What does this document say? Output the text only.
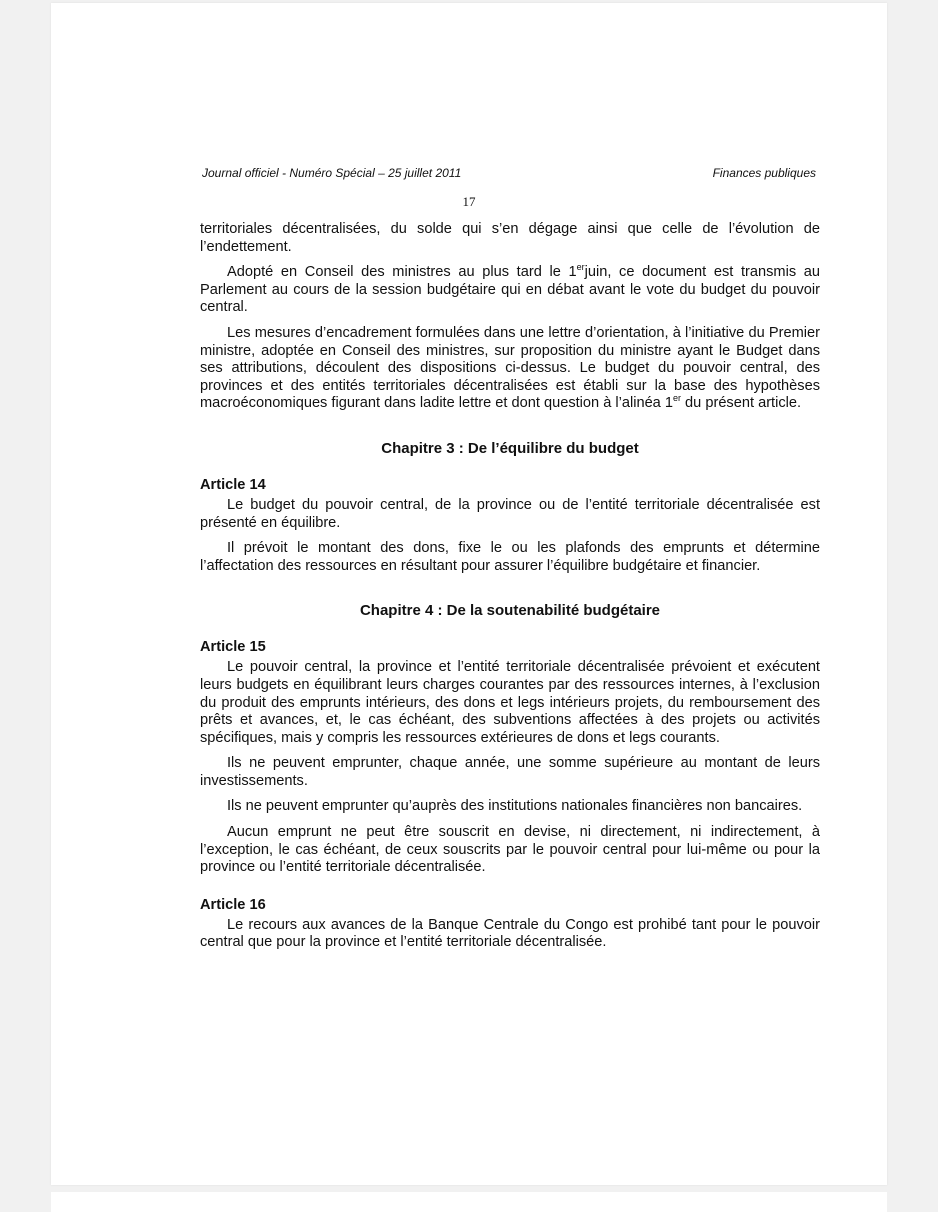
Journal officiel - Numéro Spécial – 25 juillet 2011	Finances publiques
17

territoriales décentralisées, du solde qui s’en dégage ainsi que celle de l’évolution de l’endettement.

Adopté en Conseil des ministres au plus tard le 1erjuin, ce document est transmis au Parlement au cours de la session budgétaire qui en débat avant le vote du budget du pouvoir central.

Les mesures d’encadrement formulées dans une lettre d’orientation, à l’initiative du Premier ministre, adoptée en Conseil des ministres, sur proposition du ministre ayant le Budget dans ses attributions, découlent des dispositions ci-dessus. Le budget du pouvoir central, des provinces et des entités territoriales décentralisées est établi sur la base des hypothèses macroéconomiques figurant dans ladite lettre et dont question à l’alinéa 1er du présent article.

Chapitre 3 : De l’équilibre du budget
Article 14

Le budget du pouvoir central, de la province ou de l’entité territoriale décentralisée est présenté en équilibre.

Il prévoit le montant des dons, fixe le ou les plafonds des emprunts et détermine l’affectation des ressources en résultant pour assurer l’équilibre budgétaire et financier.

Chapitre 4 : De la soutenabilité budgétaire
Article 15

Le pouvoir central, la province et l’entité territoriale décentralisée prévoient et exécutent leurs budgets en équilibrant leurs charges courantes par des ressources internes, à l’exclusion du produit des emprunts intérieurs, des dons et legs intérieurs projets, du remboursement des prêts et avances, et, le cas échéant, des subventions affectées à des projets ou activités spécifiques, mais y compris les ressources extérieures de dons et legs courants.

Ils ne peuvent emprunter, chaque année, une somme supérieure au montant de leurs investissements.

Ils ne peuvent emprunter qu’auprès des institutions nationales financières non bancaires.

Aucun emprunt ne peut être souscrit en devise, ni directement, ni indirectement, à l’exception, le cas échéant, de ceux souscrits par le pouvoir central pour lui-même ou pour la province ou l’entité territoriale décentralisée.

Article 16

Le recours aux avances de la Banque Centrale du Congo est prohibé tant pour le pouvoir central que pour la province et l’entité territoriale décentralisée.
